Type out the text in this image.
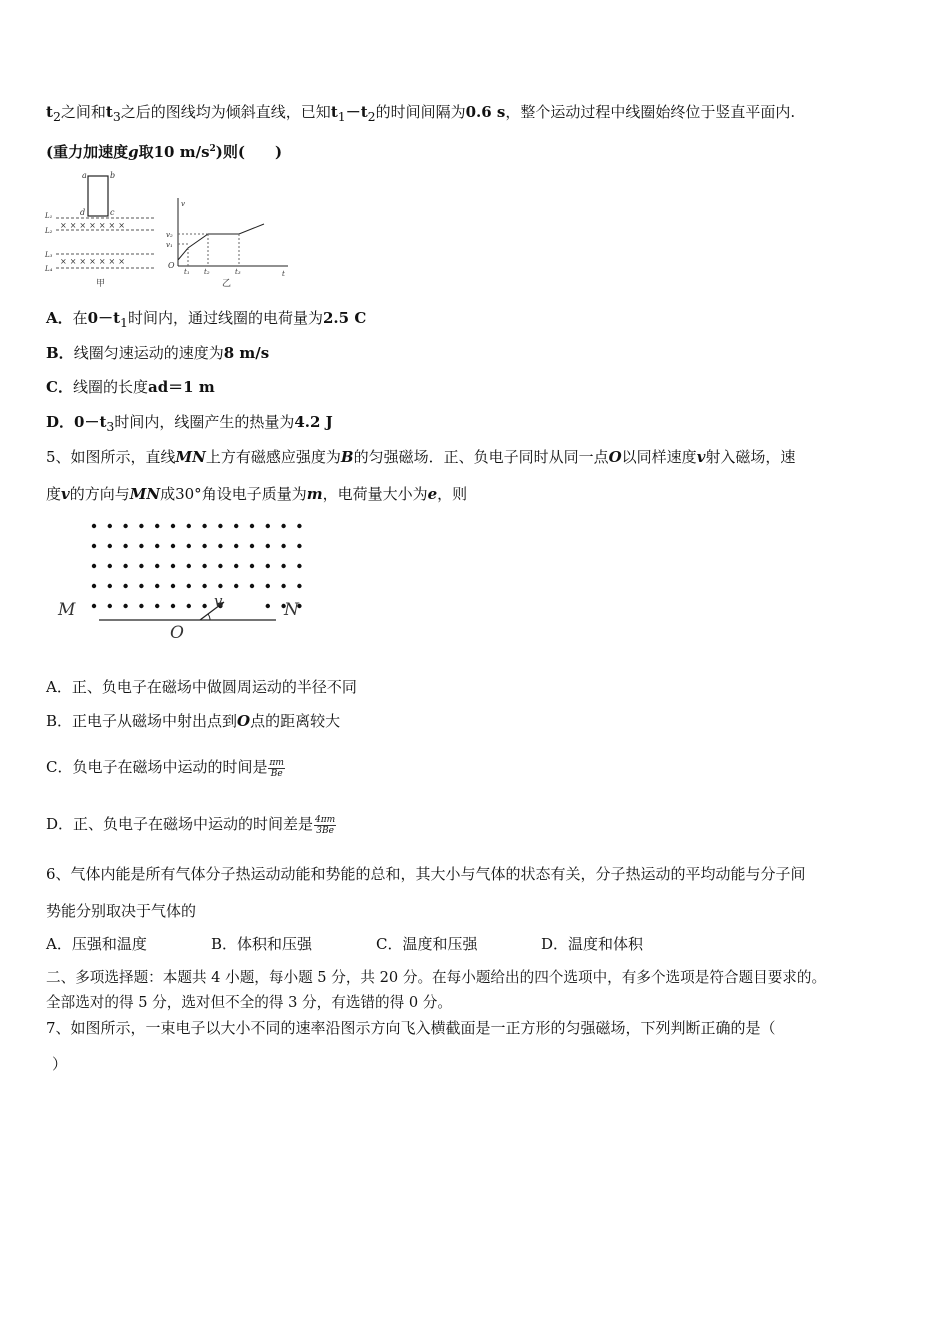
$t_2$之间和$t_3$之后的图线均为倾斜直线，已知$t_1-t_2$的时间间隔为0.6 s，整个运动过程中线圈始终位于竖直平面内.
(重力加速度g取10 $m/s^2$)则(　　)
a	b
d	c
L₁
L₂
L₃
L₄
×××××××
×××××××
甲
v
t
O
v₂
v₁
t₁ t₂	t₃
乙
A．在$0-t_1$时间内，通过线圈的电荷量为2.5 C
B．线圈匀速运动的速度为8 m/s
C．线圈的长度ad＝1 m
D．$0-t_3$时间内，线圈产生的热量为4.2 J
5、如图所示，直线MN上方有磁感应强度为B的匀强磁场．正、负电子同时从同一点O以同样速度v射入磁场，速
度v的方向与MN成30°角设电子质量为m，电荷量大小为e，则
M	N
O
v
A．正、负电子在磁场中做圆周运动的半径不同
B．正电子从磁场中射出点到O点的距离较大
C．负电子在磁场中运动的时间是 $\frac{\pi m}{Be}$
D．正、负电子在磁场中运动的时间差是 $\frac{4\pi m}{3Be}$
6、气体内能是所有气体分子热运动动能和势能的总和，其大小与气体的状态有关，分子热运动的平均动能与分子间
势能分别取决于气体的
A．压强和温度	B．体积和压强	C．温度和压强	D．温度和体积
二、多项选择题：本题共 4 小题，每小题 5 分，共 20 分。在每小题给出的四个选项中，有多个选项是符合题目要求的。
全部选对的得 5 分，选对但不全的得 3 分，有选错的得 0 分。
7、如图所示，一束电子以大小不同的速率沿图示方向飞入横截面是一正方形的匀强磁场，下列判断正确的是（
）
